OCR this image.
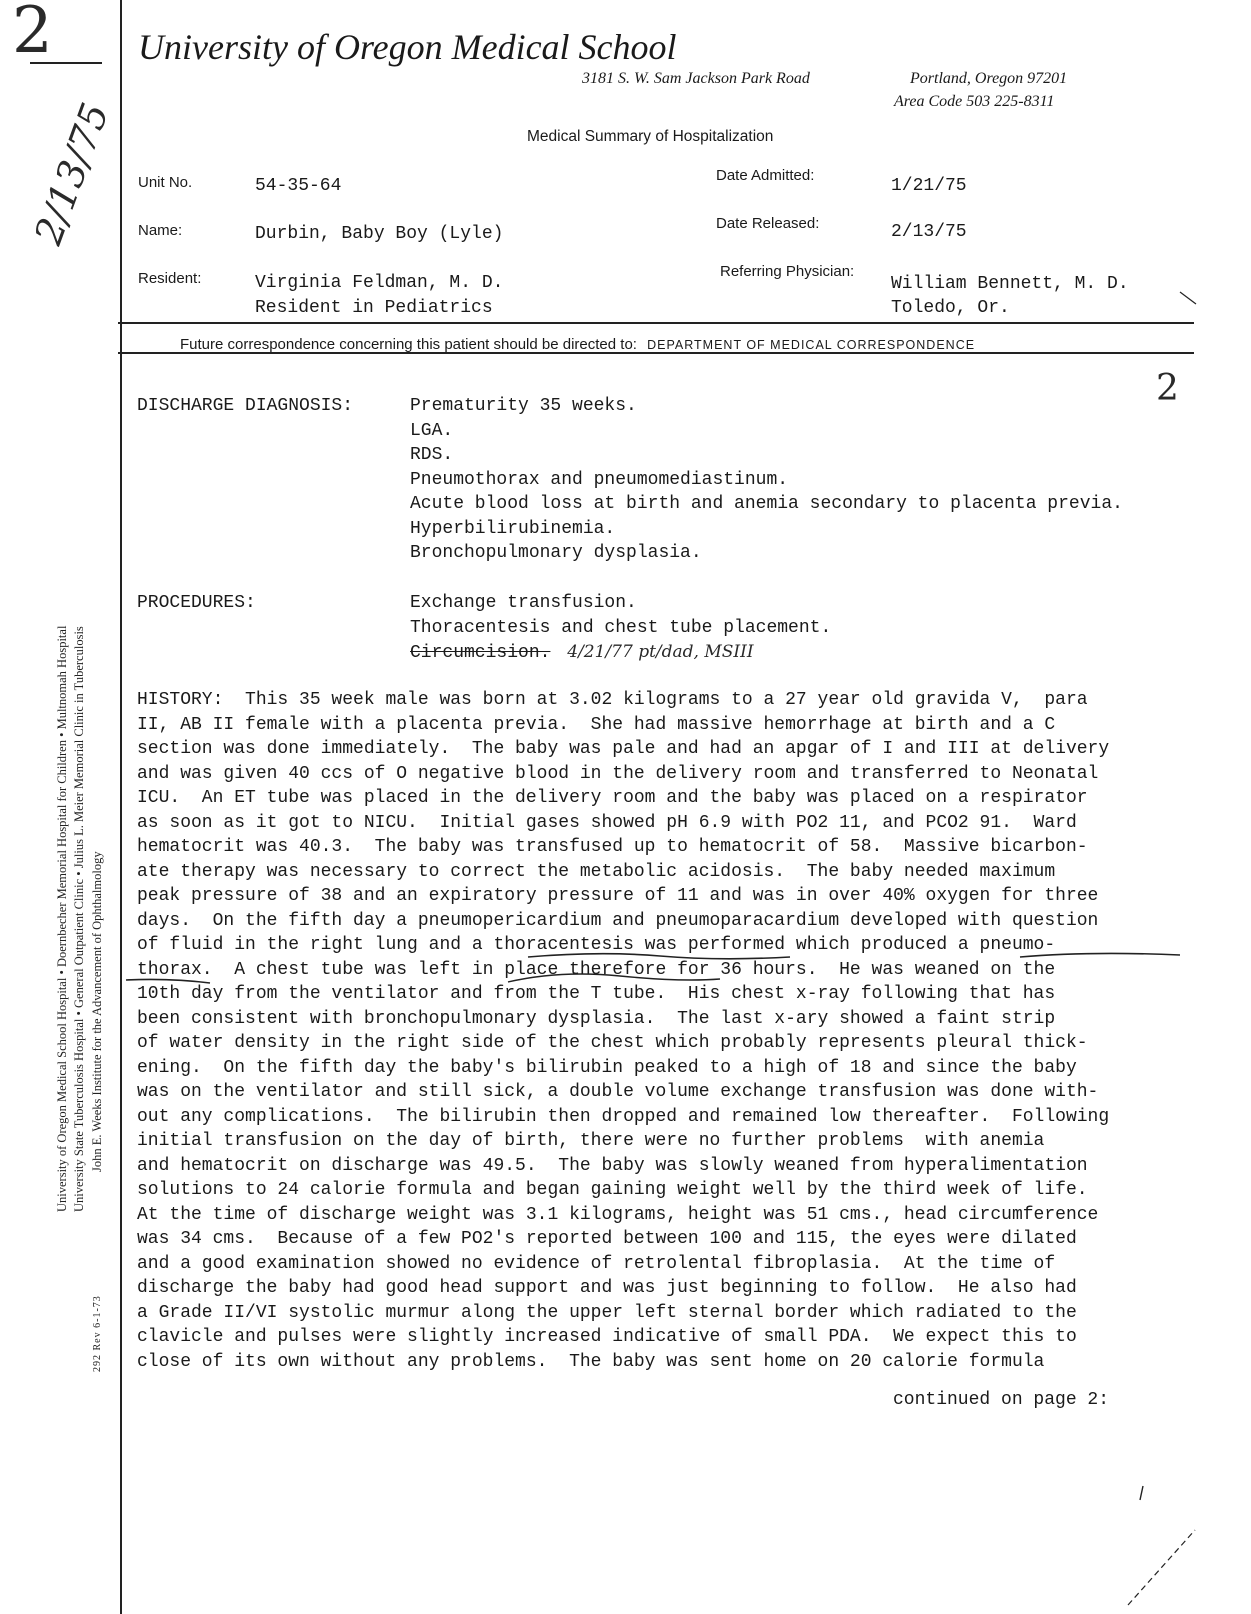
2
2/13/75
University of Oregon Medical School Hospital • Doernbecher Memorial Hospital for Children • Multnomah Hospital University State Tuberculosis Hospital • General Outpatient Clinic • Julius L. Meier Memorial Clinic in Tuberculosis John E. Weeks Institute for the Advancement of Ophthalmology
292 Rev 6-1-73
University of Oregon Medical School
3181 S. W. Sam Jackson Park Road	Portland, Oregon 97201
Area Code 503 225-8311
Medical Summary of Hospitalization
Unit No.	54-35-64
Name:	Durbin, Baby Boy (Lyle)
Resident:	Virginia Feldman, M. D.
Resident in Pediatrics
Date Admitted:
1/21/75
Date Released:	2/13/75
Referring Physician:
William Bennett, M. D.
Toledo, Or.
Future correspondence concerning this patient should be directed to: DEPARTMENT OF MEDICAL CORRESPONDENCE
2
DISCHARGE DIAGNOSIS:	Prematurity 35 weeks.
LGA.
RDS.
Pneumothorax and pneumomediastinum.
Acute blood loss at birth and anemia secondary to placenta previa.
Hyperbilirubinemia.
Bronchopulmonary dysplasia.
PROCEDURES:	Exchange transfusion.
Thoracentesis and chest tube placement.
Circumcision. 4/21/77 pt/dad, MSIII
HISTORY:  This 35 week male was born at 3.02 kilograms to a 27 year old gravida V,  para
II, AB II female with a placenta previa.  She had massive hemorrhage at birth and a C
section was done immediately.  The baby was pale and had an apgar of I and III at delivery
and was given 40 ccs of O negative blood in the delivery room and transferred to Neonatal
ICU.  An ET tube was placed in the delivery room and the baby was placed on a respirator
as soon as it got to NICU.  Initial gases showed pH 6.9 with PO2 11, and PCO2 91.  Ward
hematocrit was 40.3.  The baby was transfused up to hematocrit of 58.  Massive bicarbon-
ate therapy was necessary to correct the metabolic acidosis.  The baby needed maximum
peak pressure of 38 and an expiratory pressure of 11 and was in over 40% oxygen for three
days.  On the fifth day a pneumopericardium and pneumoparacardium developed with question
of fluid in the right lung and a thoracentesis was performed which produced a pneumo-
thorax.  A chest tube was left in place therefore for 36 hours.  He was weaned on the
10th day from the ventilator and from the T tube.  His chest x-ray following that has
been consistent with bronchopulmonary dysplasia.  The last x-ary showed a faint strip
of water density in the right side of the chest which probably represents pleural thick-
ening.  On the fifth day the baby's bilirubin peaked to a high of 18 and since the baby
was on the ventilator and still sick, a double volume exchange transfusion was done with-
out any complications.  The bilirubin then dropped and remained low thereafter.  Following
initial transfusion on the day of birth, there were no further problems  with anemia
and hematocrit on discharge was 49.5.  The baby was slowly weaned from hyperalimentation
solutions to 24 calorie formula and began gaining weight well by the third week of life.
At the time of discharge weight was 3.1 kilograms, height was 51 cms., head circumference
was 34 cms.  Because of a few PO2's reported between 100 and 115, the eyes were dilated
and a good examination showed no evidence of retrolental fibroplasia.  At the time of
discharge the baby had good head support and was just beginning to follow.  He also had
a Grade II/VI systolic murmur along the upper left sternal border which radiated to the
clavicle and pulses were slightly increased indicative of small PDA.  We expect this to
close of its own without any problems.  The baby was sent home on 20 calorie formula
continued on page 2:
